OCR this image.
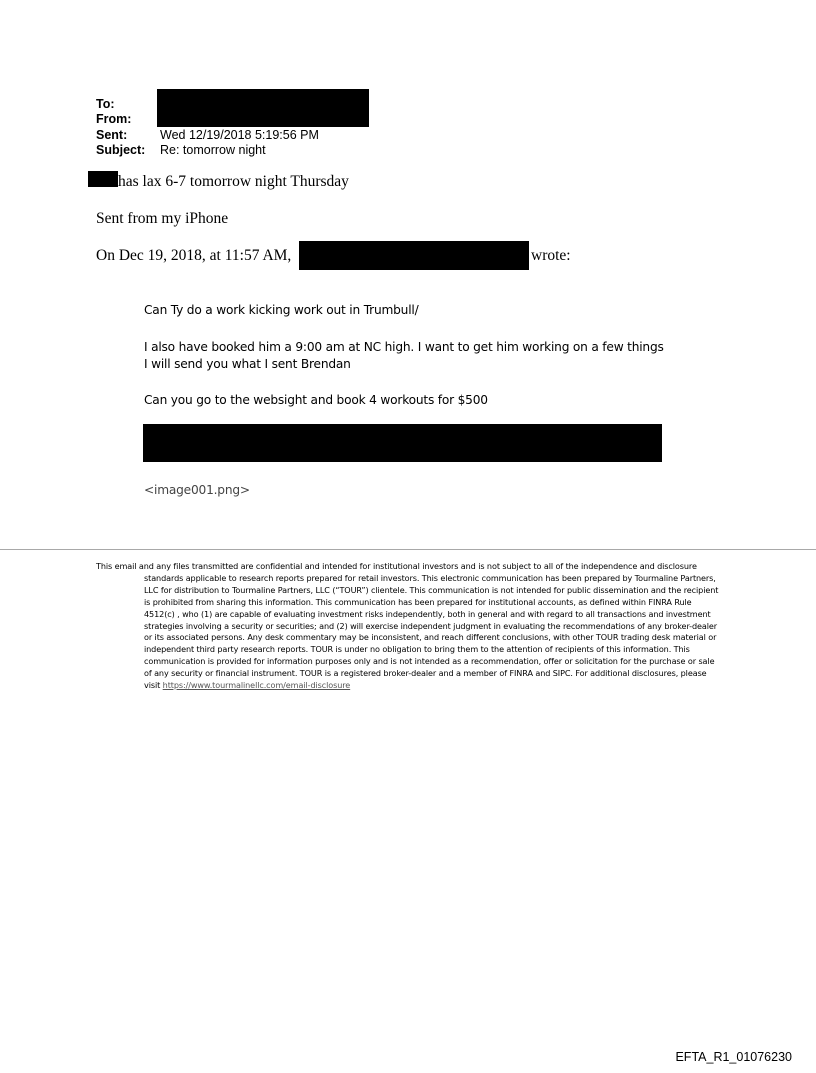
To:
From:
Sent:	Wed 12/19/2018 5:19:56 PM
Subject: Re: tomorrow night
has lax 6-7 tomorrow night Thursday
Sent from my iPhone
On Dec 19, 2018, at 11:57 AM,	wrote:
Can Ty do a work kicking work out in Trumbull/
I also have booked him a 9:00 am at NC high. I want to get him working on a few things
I will send you what I sent Brendan
Can you go to the websight and book 4 workouts for $500
<image001.png>
This email and any files transmitted are confidential and intended for institutional investors and is not subject to all of the independence and disclosure standards applicable to research reports prepared for retail investors. This electronic communication has been prepared by Tourmaline Partners, LLC for distribution to Tourmaline Partners, LLC (“TOUR”) clientele. This communication is not intended for public dissemination and the recipient is prohibited from sharing this information. This communication has been prepared for institutional accounts, as defined within FINRA Rule 4512(c) , who (1) are capable of evaluating investment risks independently, both in general and with regard to all transactions and investment strategies involving a security or securities; and (2) will exercise independent judgment in evaluating the recommendations of any broker-dealer or its associated persons. Any desk commentary may be inconsistent, and reach different conclusions, with other TOUR trading desk material or independent third party research reports. TOUR is under no obligation to bring them to the attention of recipients of this information. This communication is provided for information purposes only and is not intended as a recommendation, offer or solicitation for the purchase or sale of any security or financial instrument. TOUR is a registered broker-dealer and a member of FINRA and SIPC. For additional disclosures, please visit https://www.tourmalinellc.com/email-disclosure
EFTA_R1_01076230
